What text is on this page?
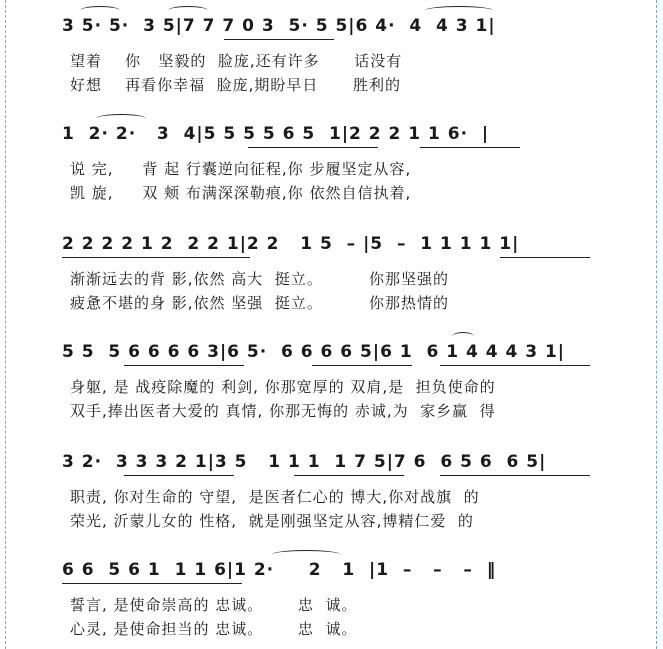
3 5· 5·  3 5|7 7 7 0 3  5· 5 5|6 4·  4  4 3 1|
望着    你   坚毅的  脸庞,还有许多      话没有
好想    再看你幸福  脸庞,期盼早日      胜利的
1  2· 2·   3  4|5 5 5 5 6 5  1|2 2 2 1 1 6·  |
说 完,     背 起 行囊逆向征程,你 步履坚定从容,
凯 旋,     双 颊 布满深深勒痕,你 依然自信执着,
2 2 2 2 1 2  2 2 1|2 2   1 5  – |5  –  1 1 1 1 1|
渐渐远去的背 影,依然 高大  挺立。        你那坚强的
疲惫不堪的身 影,依然 坚强  挺立。        你那热情的
5 5  5 6 6 6 6 3|6 5·  6 6 6 6 5|6 1  6 1 4 4 4 3 1|
身躯, 是 战疫除魔的 利剑, 你那宽厚的 双肩,是  担负使命的
双手,捧出医者大爱的 真情, 你那无悔的 赤诚,为  家乡赢  得
3 2·  3 3 3 2 1|3 5   1 1 1  1 7 5|7 6  6 5 6  6 5|
职责, 你对生命的 守望,  是医者仁心的 博大,你对战旗  的
荣光, 沂蒙儿女的 性格,  就是刚强坚定从容,博精仁爱  的
6 6  5 6 1  1 1 6|1 2·     2   1  |1  –   –   –  ‖
誓言, 是使命崇高的 忠诚。      忠  诚。
心灵, 是使命担当的 忠诚。      忠  诚。
